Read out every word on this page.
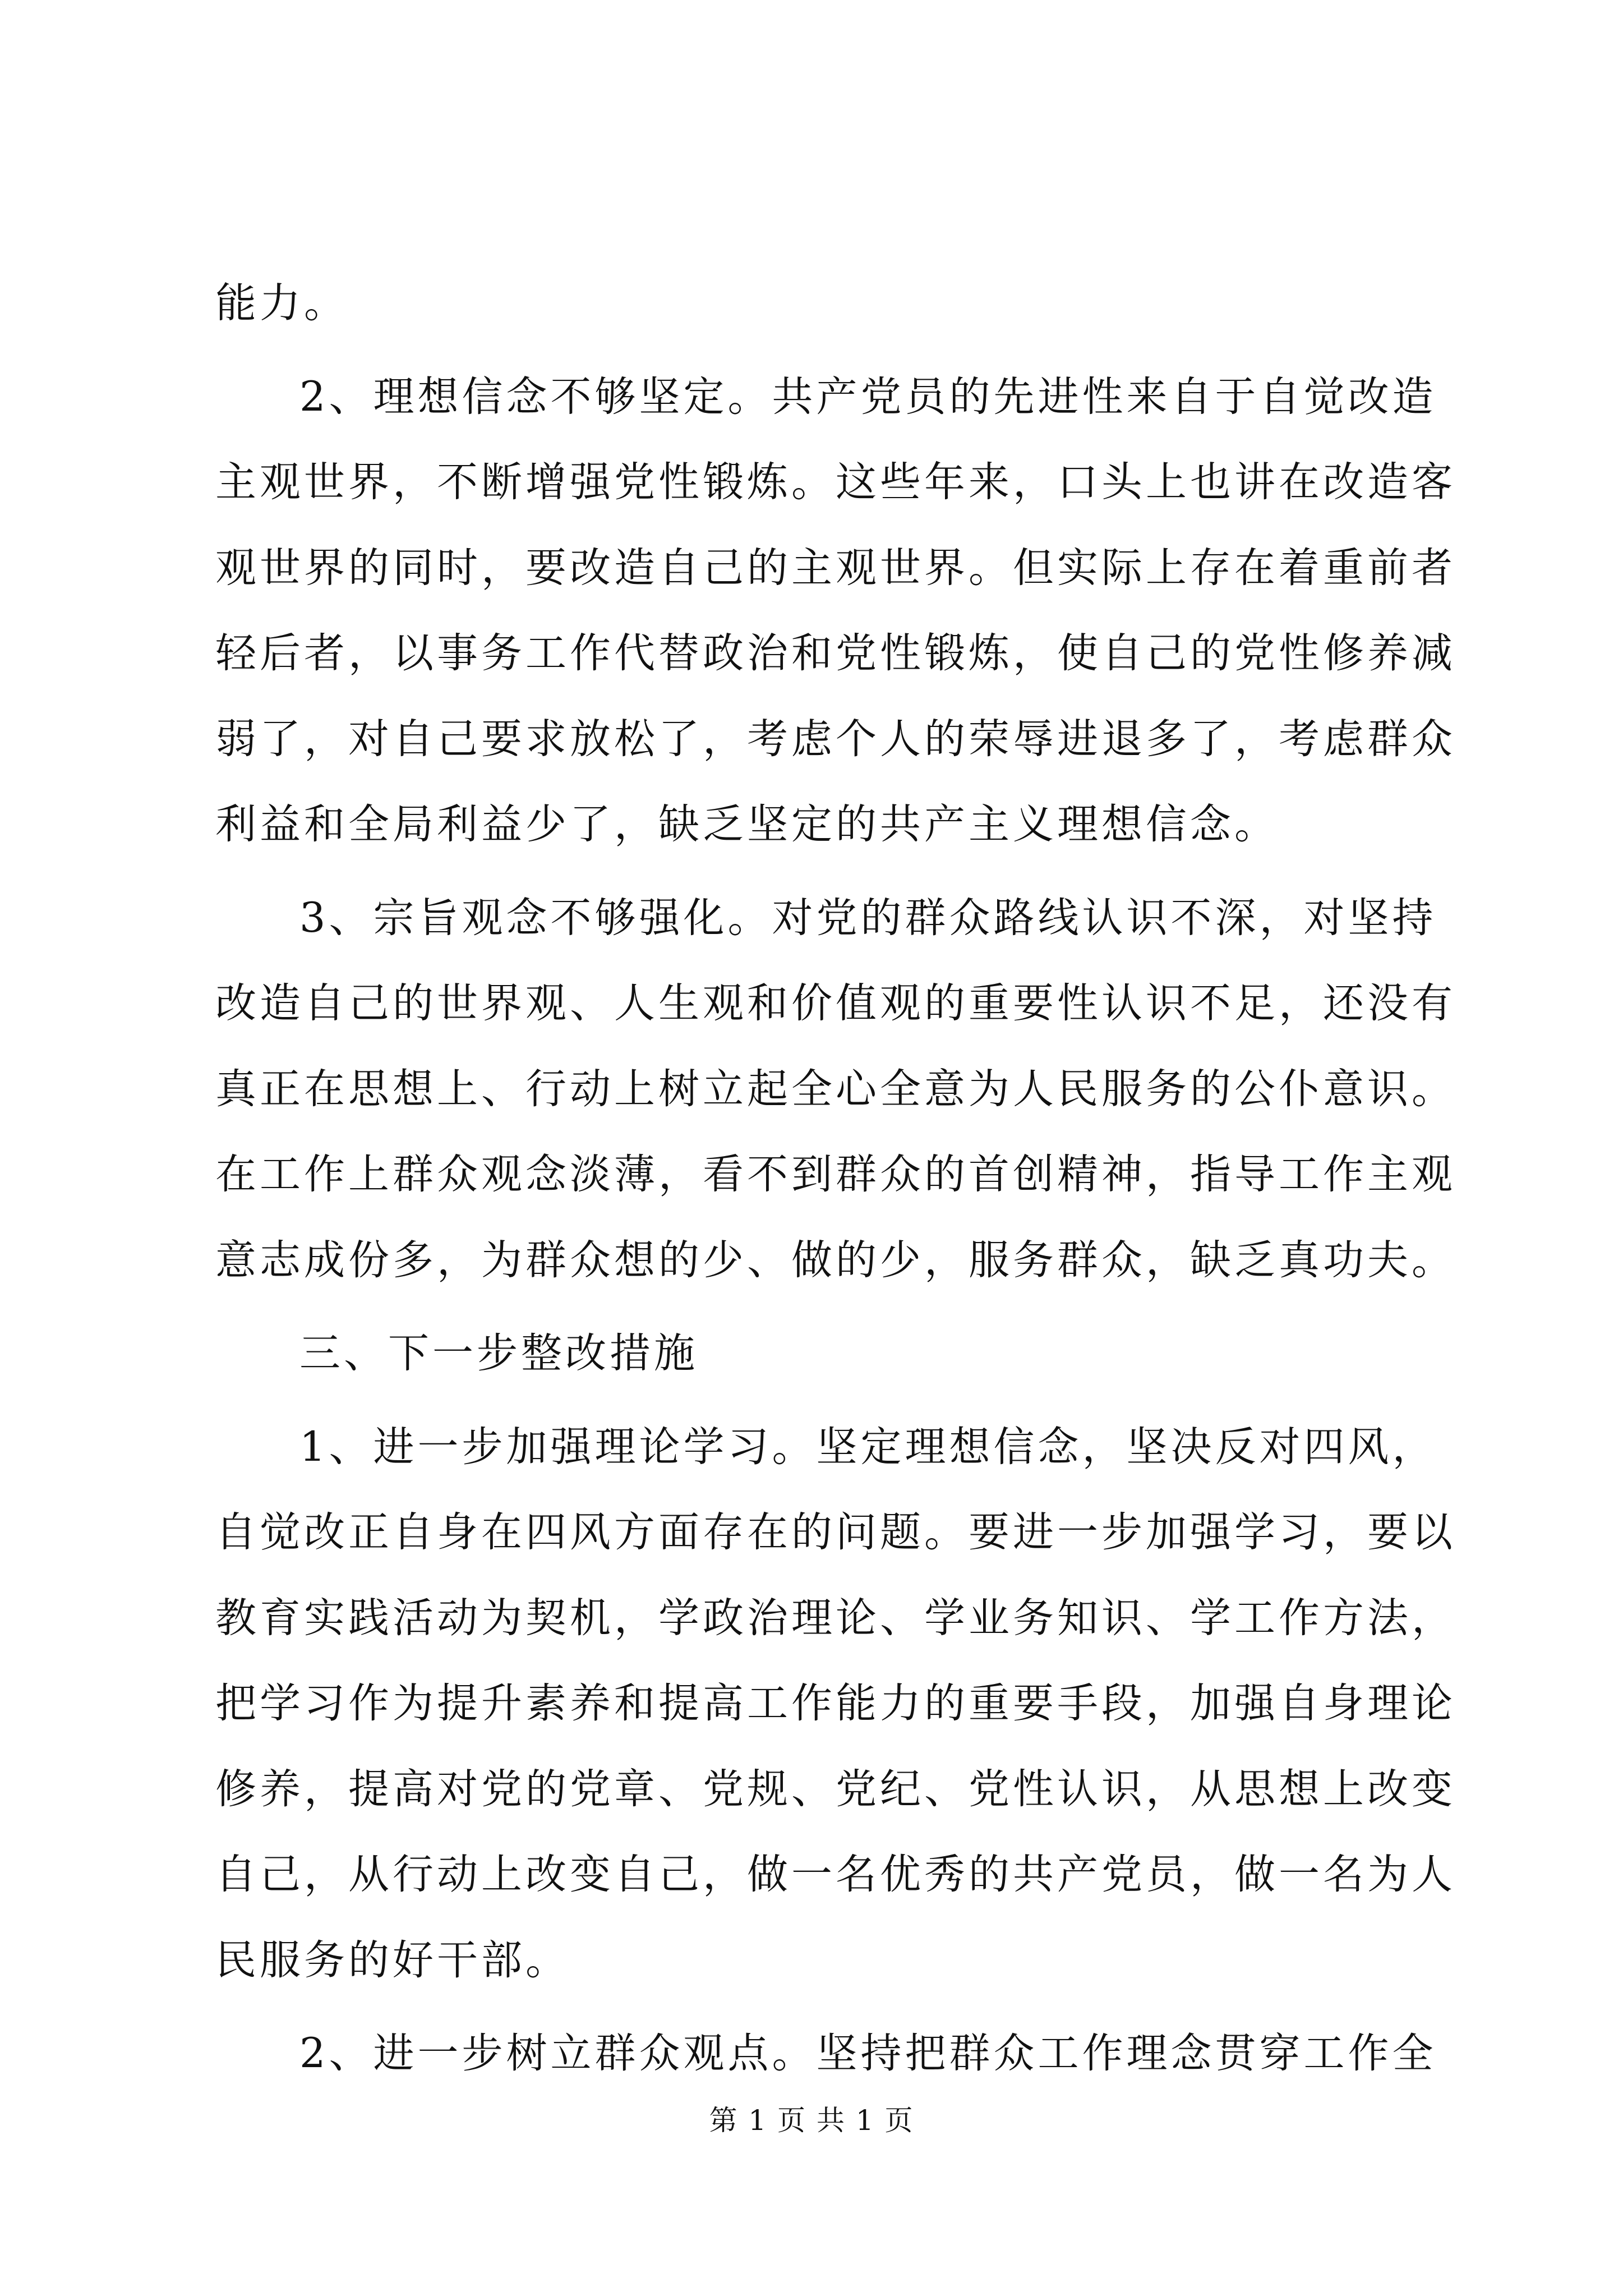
能力。
2、理想信念不够坚定。共产党员的先进性来自于自觉改造
主观世界，不断增强党性锻炼。这些年来，口头上也讲在改造客
观世界的同时，要改造自己的主观世界。但实际上存在着重前者
轻后者，以事务工作代替政治和党性锻炼，使自己的党性修养减
弱了，对自己要求放松了，考虑个人的荣辱进退多了，考虑群众
利益和全局利益少了，缺乏坚定的共产主义理想信念。
3、宗旨观念不够强化。对党的群众路线认识不深，对坚持
改造自己的世界观、人生观和价值观的重要性认识不足，还没有
真正在思想上、行动上树立起全心全意为人民服务的公仆意识。
在工作上群众观念淡薄，看不到群众的首创精神，指导工作主观
意志成份多，为群众想的少、做的少，服务群众，缺乏真功夫。
三、下一步整改措施
1、进一步加强理论学习。坚定理想信念，坚决反对四风，
自觉改正自身在四风方面存在的问题。要进一步加强学习，要以
教育实践活动为契机，学政治理论、学业务知识、学工作方法，
把学习作为提升素养和提高工作能力的重要手段，加强自身理论
修养，提高对党的党章、党规、党纪、党性认识，从思想上改变
自己，从行动上改变自己，做一名优秀的共产党员，做一名为人
民服务的好干部。
2、进一步树立群众观点。坚持把群众工作理念贯穿工作全
第 1 页 共 1 页
